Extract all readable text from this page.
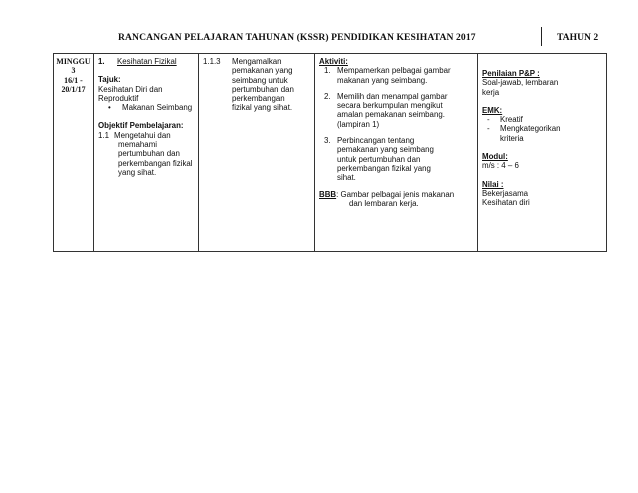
RANCANGAN PELAJARAN TAHUNAN (KSSR) PENDIDIKAN KESIHATAN 2017	TAHUN 2
MINGGU
3
16/1 -
20/1/17

1.	Kesihatan Fizikal
Tajuk:
Kesihatan Diri dan
Reproduktif
•	Makanan Seimbang
Objektif Pembelajaran:
1.1 Mengetahui dan
memahami
pertumbuhan dan
perkembangan fizikal
yang sihat.

1.1.3	Mengamalkan
pemakanan yang
seimbang untuk
pertumbuhan dan
perkembangan
fizikal yang sihat.

Aktiviti:
1. Mempamerkan pelbagai gambar
makanan yang seimbang.
2. Memilih dan menampal gambar
secara berkumpulan mengikut
amalan pemakanan seimbang.
(lampiran 1)
3. Perbincangan tentang
pemakanan yang seimbang
untuk pertumbuhan dan
perkembangan fizikal yang
sihat.
BBB: Gambar pelbagai jenis makanan
dan lembaran kerja.

Penilaian P&P :
Soal-jawab, lembaran
kerja
EMK:
-	Kreatif
-	Mengkategorikan
kriteria
Modul:
m/s : 4 – 6
Nilai :
Bekerjasama
Kesihatan diri
